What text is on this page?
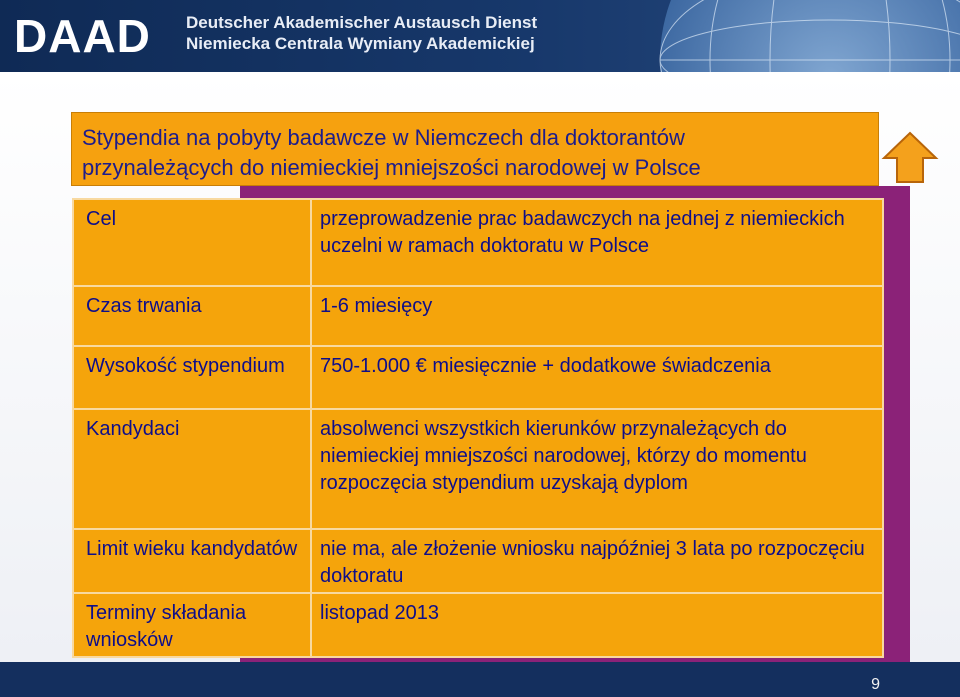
DAAD Deutscher Akademischer Austausch Dienst
Niemiecka Centrala Wymiany Akademickiej
Stypendia na pobyty badawcze w Niemczech dla doktorantów
przynależących do niemieckiej mniejszości narodowej w Polsce
Cel	przeprowadzenie prac badawczych na jednej z niemieckich uczelni w ramach doktoratu w Polsce
Czas trwania	1-6 miesięcy
Wysokość stypendium	750-1.000 € miesięcznie + dodatkowe świadczenia
Kandydaci	absolwenci wszystkich kierunków przynależących do niemieckiej mniejszości narodowej, którzy do momentu rozpoczęcia stypendium uzyskają dyplom
Limit wieku kandydatów	nie ma, ale złożenie wniosku najpóźniej 3 lata po rozpoczęciu doktoratu
Terminy składania wniosków	listopad 2013
9
